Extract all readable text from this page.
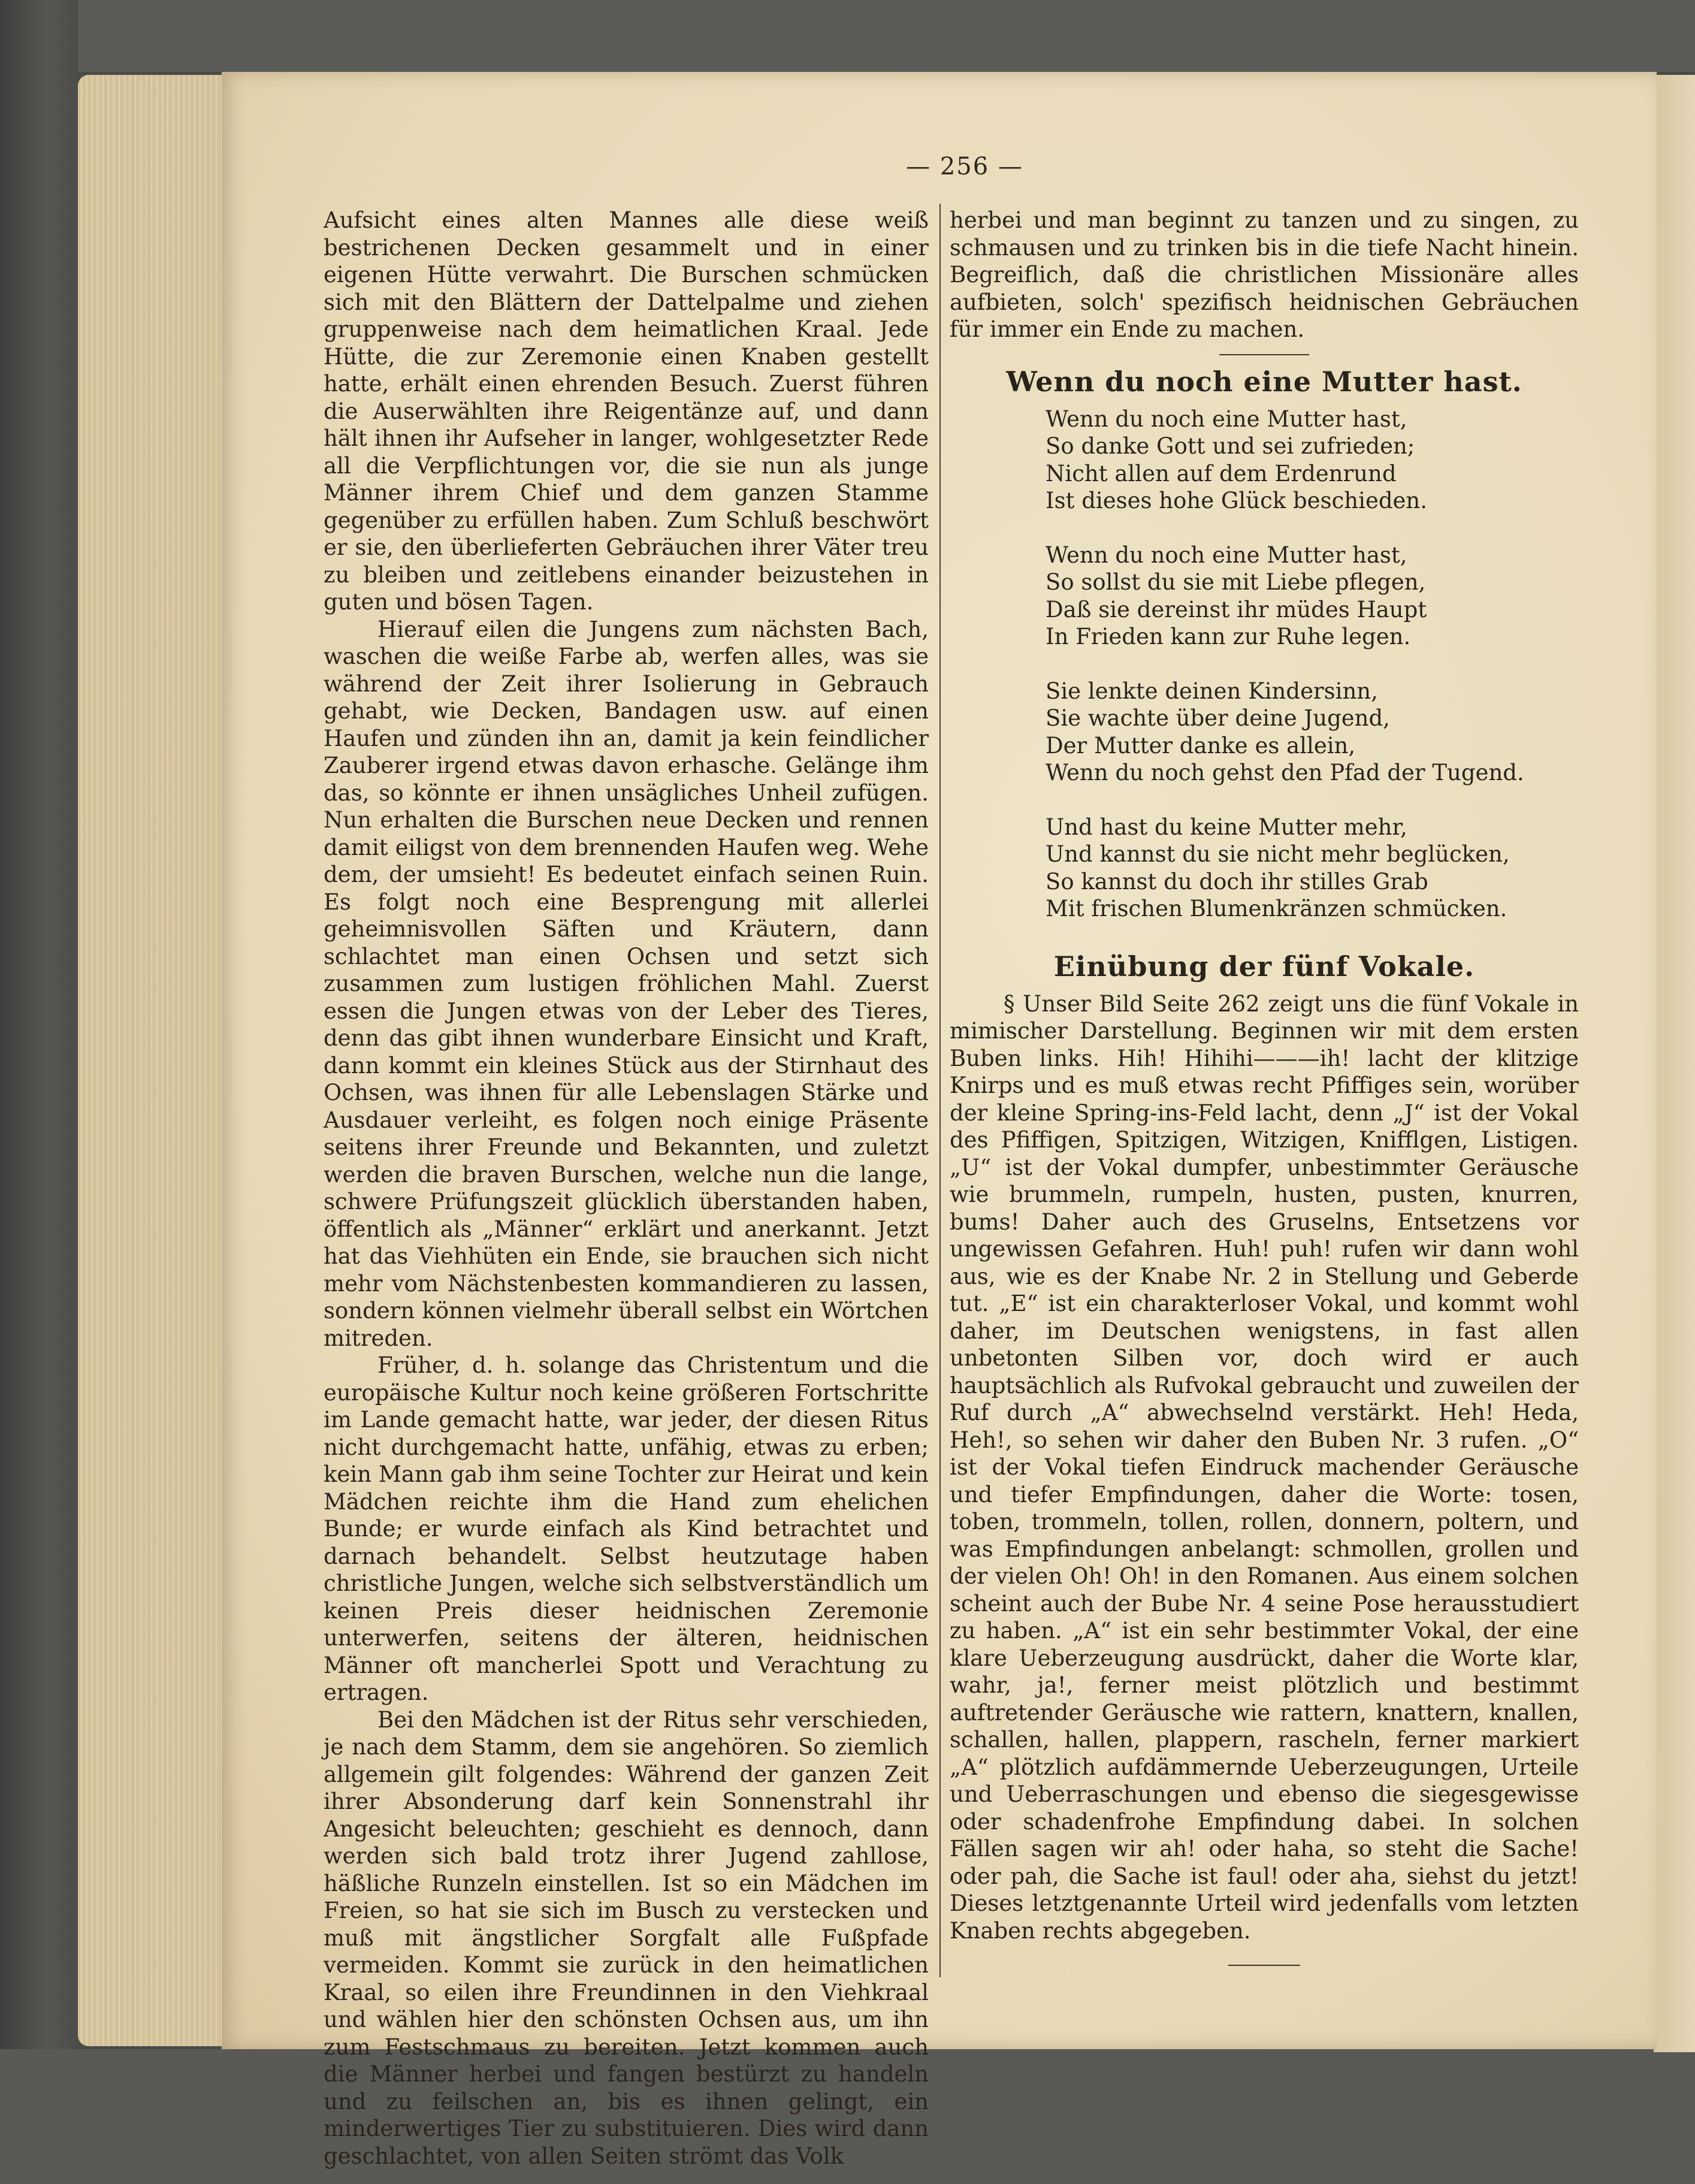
— 256 —

Aufsicht eines alten Mannes alle diese weiß bestrichenen Decken gesammelt und in einer eigenen Hütte verwahrt. Die Burschen schmücken sich mit den Blättern der Dattelpalme und ziehen gruppenweise nach dem heimatlichen Kraal. Jede Hütte, die zur Zeremonie einen Knaben gestellt hatte, erhält einen ehrenden Besuch. Zuerst führen die Auserwählten ihre Reigentänze auf, und dann hält ihnen ihr Aufseher in langer, wohlgesetzter Rede all die Verpflichtungen vor, die sie nun als junge Männer ihrem Chief und dem ganzen Stamme gegenüber zu erfüllen haben. Zum Schluß beschwört er sie, den überlieferten Gebräuchen ihrer Väter treu zu bleiben und zeitlebens einander beizustehen in guten und bösen Tagen.

Hierauf eilen die Jungens zum nächsten Bach, waschen die weiße Farbe ab, werfen alles, was sie während der Zeit ihrer Isolierung in Gebrauch gehabt, wie Decken, Bandagen usw. auf einen Haufen und zünden ihn an, damit ja kein feindlicher Zauberer irgend etwas davon erhasche. Gelänge ihm das, so könnte er ihnen unsägliches Unheil zufügen. Nun erhalten die Burschen neue Decken und rennen damit eiligst von dem brennenden Haufen weg. Wehe dem, der umsieht! Es bedeutet einfach seinen Ruin. Es folgt noch eine Besprengung mit allerlei geheimnisvollen Säften und Kräutern, dann schlachtet man einen Ochsen und setzt sich zusammen zum lustigen fröhlichen Mahl. Zuerst essen die Jungen etwas von der Leber des Tieres, denn das gibt ihnen wunderbare Einsicht und Kraft, dann kommt ein kleines Stück aus der Stirnhaut des Ochsen, was ihnen für alle Lebenslagen Stärke und Ausdauer verleiht, es folgen noch einige Präsente seitens ihrer Freunde und Bekannten, und zuletzt werden die braven Burschen, welche nun die lange, schwere Prüfungszeit glücklich überstanden haben, öffentlich als „Männer“ erklärt und anerkannt. Jetzt hat das Viehhüten ein Ende, sie brauchen sich nicht mehr vom Nächstenbesten kommandieren zu lassen, sondern können vielmehr überall selbst ein Wörtchen mitreden.

Früher, d. h. solange das Christentum und die europäische Kultur noch keine größeren Fortschritte im Lande gemacht hatte, war jeder, der diesen Ritus nicht durchgemacht hatte, unfähig, etwas zu erben; kein Mann gab ihm seine Tochter zur Heirat und kein Mädchen reichte ihm die Hand zum ehelichen Bunde; er wurde einfach als Kind betrachtet und darnach behandelt. Selbst heutzutage haben christliche Jungen, welche sich selbstverständlich um keinen Preis dieser heidnischen Zeremonie unterwerfen, seitens der älteren, heidnischen Männer oft mancherlei Spott und Verachtung zu ertragen.

Bei den Mädchen ist der Ritus sehr verschieden, je nach dem Stamm, dem sie angehören. So ziemlich allgemein gilt folgendes: Während der ganzen Zeit ihrer Absonderung darf kein Sonnenstrahl ihr Angesicht beleuchten; geschieht es dennoch, dann werden sich bald trotz ihrer Jugend zahllose, häßliche Runzeln einstellen. Ist so ein Mädchen im Freien, so hat sie sich im Busch zu verstecken und muß mit ängstlicher Sorgfalt alle Fußpfade vermeiden. Kommt sie zurück in den heimatlichen Kraal, so eilen ihre Freundinnen in den Viehkraal und wählen hier den schönsten Ochsen aus, um ihn zum Festschmaus zu bereiten. Jetzt kommen auch die Männer herbei und fangen bestürzt zu handeln und zu feilschen an, bis es ihnen gelingt, ein minderwertiges Tier zu substituieren. Dies wird dann geschlachtet, von allen Seiten strömt das Volk

herbei und man beginnt zu tanzen und zu singen, zu schmausen und zu trinken bis in die tiefe Nacht hinein. Begreiflich, daß die christlichen Missionäre alles aufbieten, solch' spezifisch heidnischen Gebräuchen für immer ein Ende zu machen.

Wenn du noch eine Mutter hast.
Wenn du noch eine Mutter hast,
So danke Gott und sei zufrieden;
Nicht allen auf dem Erdenrund
Ist dieses hohe Glück beschieden.
Wenn du noch eine Mutter hast,
So sollst du sie mit Liebe pflegen,
Daß sie dereinst ihr müdes Haupt
In Frieden kann zur Ruhe legen.
Sie lenkte deinen Kindersinn,
Sie wachte über deine Jugend,
Der Mutter danke es allein,
Wenn du noch gehst den Pfad der Tugend.
Und hast du keine Mutter mehr,
Und kannst du sie nicht mehr beglücken,
So kannst du doch ihr stilles Grab
Mit frischen Blumenkränzen schmücken.
Einübung der fünf Vokale.

§ Unser Bild Seite 262 zeigt uns die fünf Vokale in mimischer Darstellung. Beginnen wir mit dem ersten Buben links. Hih! Hihihi———ih! lacht der klitzige Knirps und es muß etwas recht Pfiffiges sein, worüber der kleine Spring-ins-Feld lacht, denn „J“ ist der Vokal des Pfiffigen, Spitzigen, Witzigen, Knifflgen, Listigen. „U“ ist der Vokal dumpfer, unbestimmter Geräusche wie brummeln, rumpeln, husten, pusten, knurren, bums! Daher auch des Gruselns, Entsetzens vor ungewissen Gefahren. Huh! puh! rufen wir dann wohl aus, wie es der Knabe Nr. 2 in Stellung und Geberde tut. „E“ ist ein charakterloser Vokal, und kommt wohl daher, im Deutschen wenigstens, in fast allen unbetonten Silben vor, doch wird er auch hauptsächlich als Rufvokal gebraucht und zuweilen der Ruf durch „A“ abwechselnd verstärkt. Heh! Heda, Heh!, so sehen wir daher den Buben Nr. 3 rufen. „O“ ist der Vokal tiefen Eindruck machender Geräusche und tiefer Empfindungen, daher die Worte: tosen, toben, trommeln, tollen, rollen, donnern, poltern, und was Empfindungen anbelangt: schmollen, grollen und der vielen Oh! Oh! in den Romanen. Aus einem solchen scheint auch der Bube Nr. 4 seine Pose herausstudiert zu haben. „A“ ist ein sehr bestimmter Vokal, der eine klare Ueberzeugung ausdrückt, daher die Worte klar, wahr, ja!, ferner meist plötzlich und bestimmt auftretender Geräusche wie rattern, knattern, knallen, schallen, hallen, plappern, rascheln, ferner markiert „A“ plötzlich aufdämmernde Ueberzeugungen, Urteile und Ueberraschungen und ebenso die siegesgewisse oder schadenfrohe Empfindung dabei. In solchen Fällen sagen wir ah! oder haha, so steht die Sache! oder pah, die Sache ist faul! oder aha, siehst du jetzt! Dieses letztgenannte Urteil wird jedenfalls vom letzten Knaben rechts abgegeben.
